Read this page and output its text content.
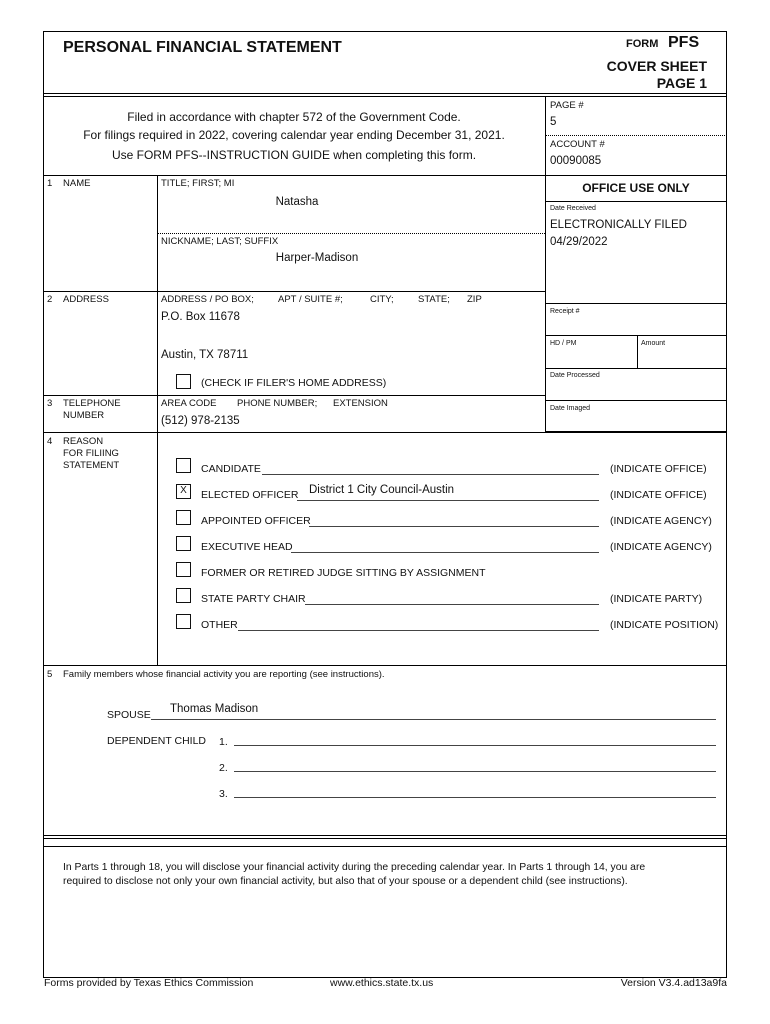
PERSONAL FINANCIAL STATEMENT	FORM PFS
COVER SHEET
PAGE 1
Filed in accordance with chapter 572 of the Government Code.
For filings required in 2022, covering calendar year ending December 31, 2021.
Use FORM PFS--INSTRUCTION GUIDE when completing this form.
PAGE #
5
ACCOUNT #
00090085
1 NAME	TITLE; FIRST; MI
Natasha
NICKNAME; LAST; SUFFIX
Harper-Madison
OFFICE USE ONLY
Date Received
ELECTRONICALLY FILED
04/29/2022
Receipt #
HD / PM	Amount
Date Processed
Date Imaged
2 ADDRESS	ADDRESS / PO BOX;	APT / SUITE #;	CITY;	STATE; ZIP
P.O. Box 11678
Austin, TX 78711
(CHECK IF FILER'S HOME ADDRESS)
3 TELEPHONE
NUMBER
AREA CODE PHONE NUMBER; EXTENSION
(512) 978-2135
4 REASON
FOR FILIING
STATEMENT	CANDIDATE	(INDICATE OFFICE)
X	ELECTED OFFICER District 1 City Council-Austin	(INDICATE OFFICE)
APPOINTED OFFICER	(INDICATE AGENCY)
EXECUTIVE HEAD	(INDICATE AGENCY)
FORMER OR RETIRED JUDGE SITTING BY ASSIGNMENT
STATE PARTY CHAIR	(INDICATE PARTY)
OTHER	(INDICATE POSITION)
5 Family members whose financial activity you are reporting (see instructions).
SPOUSE Thomas Madison
DEPENDENT CHILD 1.
2.
3.
In Parts 1 through 18, you will disclose your financial activity during the preceding calendar year. In Parts 1 through 14, you are
required to disclose not only your own financial activity, but also that of your spouse or a dependent child (see instructions).
Forms provided by Texas Ethics Commission	www.ethics.state.tx.us	Version V3.4.ad13a9fa
